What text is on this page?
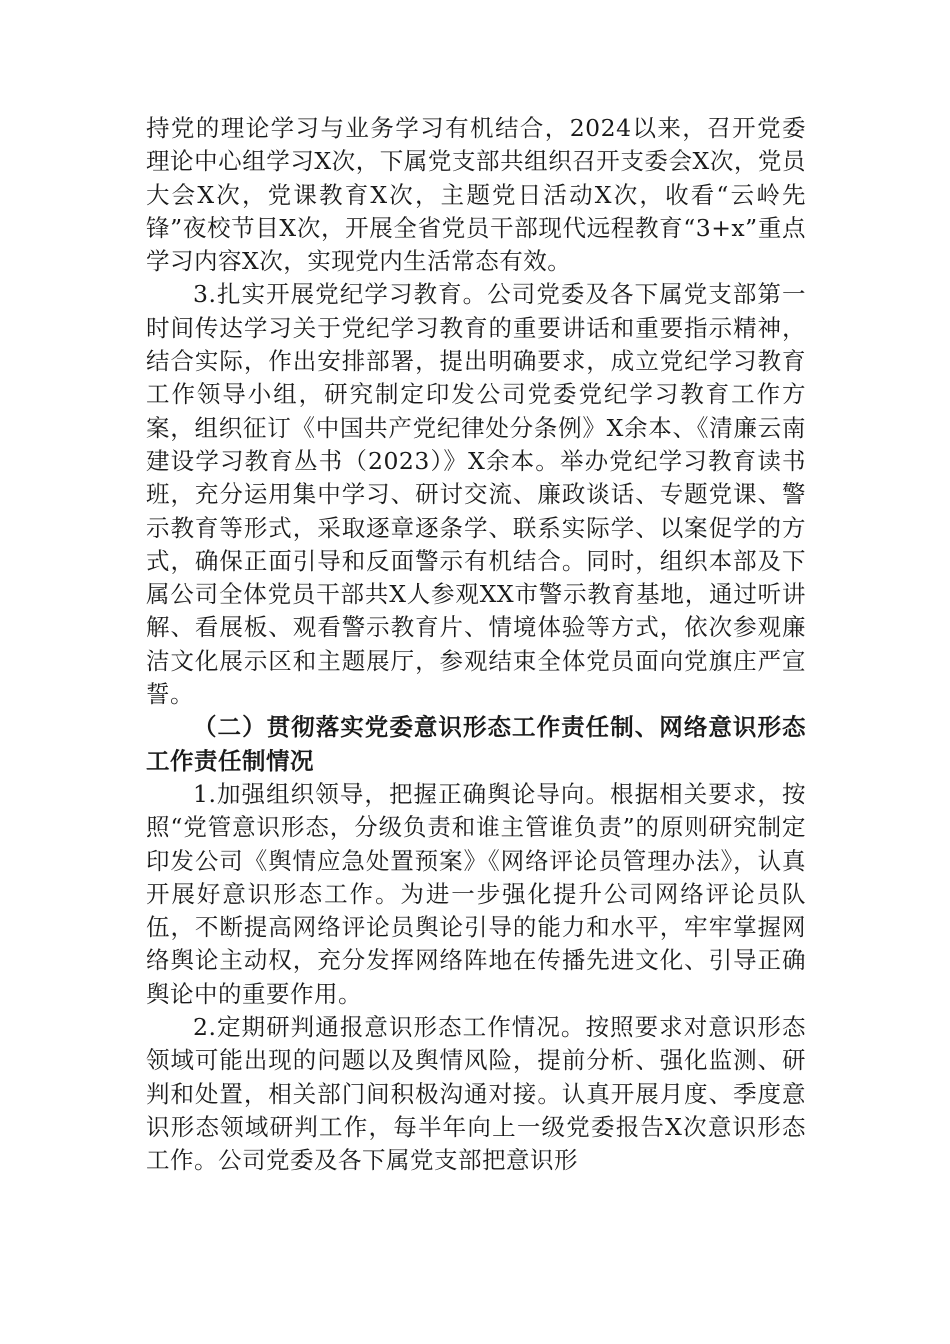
持党的理论学习与业务学习有机结合，2024以来，召开党委理论中心组学习X次，下属党支部共组织召开支委会X次，党员大会X次，党课教育X次，主题党日活动X次，收看“云岭先锋”夜校节目X次，开展全省党员干部现代远程教育“3+x”重点学习内容X次，实现党内生活常态有效。

3.扎实开展党纪学习教育。公司党委及各下属党支部第一时间传达学习关于党纪学习教育的重要讲话和重要指示精神，结合实际，作出安排部署，提出明确要求，成立党纪学习教育工作领导小组，研究制定印发公司党委党纪学习教育工作方案，组织征订《中国共产党纪律处分条例》X余本、《清廉云南建设学习教育丛书（2023）》X余本。举办党纪学习教育读书班，充分运用集中学习、研讨交流、廉政谈话、专题党课、警示教育等形式，采取逐章逐条学、联系实际学、以案促学的方式，确保正面引导和反面警示有机结合。同时，组织本部及下属公司全体党员干部共X人参观XX市警示教育基地，通过听讲解、看展板、观看警示教育片、情境体验等方式，依次参观廉洁文化展示区和主题展厅，参观结束全体党员面向党旗庄严宣誓。

（二）贯彻落实党委意识形态工作责任制、网络意识形态工作责任制情况

1.加强组织领导，把握正确舆论导向。根据相关要求，按照“党管意识形态，分级负责和谁主管谁负责”的原则研究制定印发公司《舆情应急处置预案》《网络评论员管理办法》，认真开展好意识形态工作。为进一步强化提升公司网络评论员队伍，不断提高网络评论员舆论引导的能力和水平，牢牢掌握网络舆论主动权，充分发挥网络阵地在传播先进文化、引导正确舆论中的重要作用。

2.定期研判通报意识形态工作情况。按照要求对意识形态领域可能出现的问题以及舆情风险，提前分析、强化监测、研判和处置，相关部门间积极沟通对接。认真开展月度、季度意识形态领域研判工作，每半年向上一级党委报告X次意识形态工作。公司党委及各下属党支部把意识形
